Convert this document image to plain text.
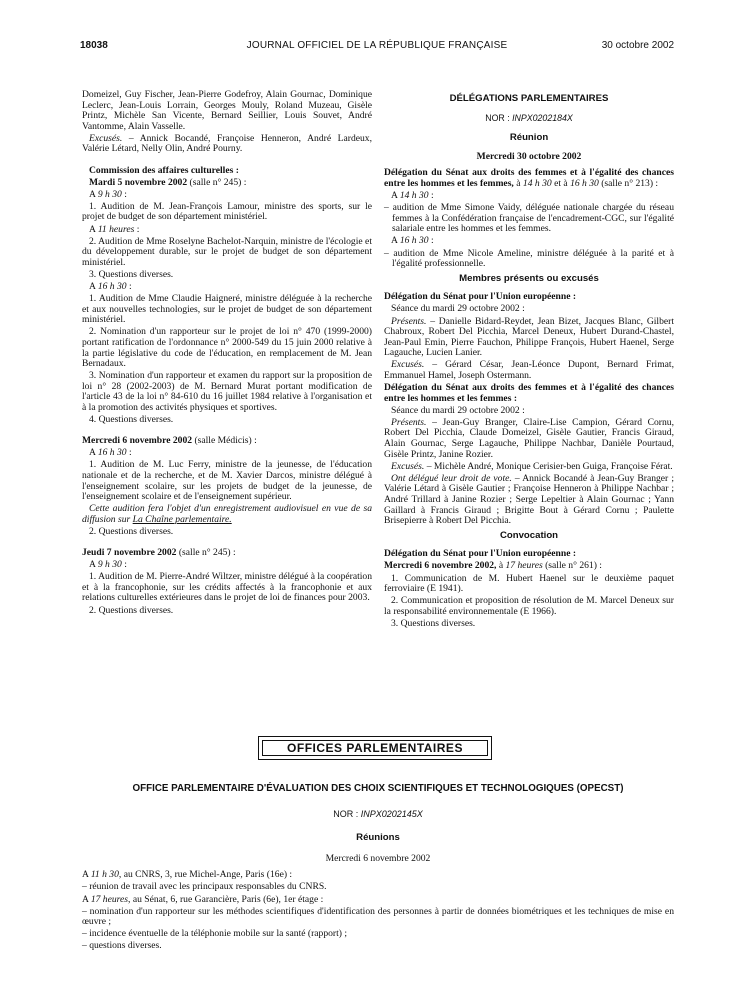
18038	JOURNAL OFFICIEL DE LA RÉPUBLIQUE FRANÇAISE	30 octobre 2002

Domeizel, Guy Fischer, Jean-Pierre Godefroy, Alain Gournac, Dominique Leclerc, Jean-Louis Lorrain, Georges Mouly, Roland Muzeau, Gisèle Printz, Michèle San Vicente, Bernard Seillier, Louis Souvet, André Vantomme, Alain Vasselle.

Excusés. – Annick Bocandé, Françoise Henneron, André Lardeux, Valérie Létard, Nelly Olin, André Pourny.

Commission des affaires culturelles :

Mardi 5 novembre 2002 (salle n° 245) :

A 9 h 30 :

1. Audition de M. Jean-François Lamour, ministre des sports, sur le projet de budget de son département ministériel.

A 11 heures :

2. Audition de Mme Roselyne Bachelot-Narquin, ministre de l'écologie et du développement durable, sur le projet de budget de son département ministériel.

3. Questions diverses.

A 16 h 30 :

1. Audition de Mme Claudie Haigneré, ministre déléguée à la recherche et aux nouvelles technologies, sur le projet de budget de son département ministériel.

2. Nomination d'un rapporteur sur le projet de loi n° 470 (1999-2000) portant ratification de l'ordonnance n° 2000-549 du 15 juin 2000 relative à la partie législative du code de l'éducation, en remplacement de M. Jean Bernadaux.

3. Nomination d'un rapporteur et examen du rapport sur la proposition de loi n° 28 (2002-2003) de M. Bernard Murat portant modification de l'article 43 de la loi n° 84-610 du 16 juillet 1984 relative à l'organisation et à la promotion des activités physiques et sportives.

4. Questions diverses.

Mercredi 6 novembre 2002 (salle Médicis) :

A 16 h 30 :

1. Audition de M. Luc Ferry, ministre de la jeunesse, de l'éducation nationale et de la recherche, et de M. Xavier Darcos, ministre délégué à l'enseignement scolaire, sur les projets de budget de la jeunesse, de l'enseignement scolaire et de l'enseignement supérieur.

Cette audition fera l'objet d'un enregistrement audiovisuel en vue de sa diffusion sur La Chaîne parlementaire.

2. Questions diverses.

Jeudi 7 novembre 2002 (salle n° 245) :

A 9 h 30 :

1. Audition de M. Pierre-André Wiltzer, ministre délégué à la coopération et à la francophonie, sur les crédits affectés à la francophonie et aux relations culturelles extérieures dans le projet de loi de finances pour 2003.

2. Questions diverses.

DÉLÉGATIONS PARLEMENTAIRES

NOR : INPX0202184X

Réunion

Mercredi 30 octobre 2002

Délégation du Sénat aux droits des femmes et à l'égalité des chances entre les hommes et les femmes, à 14 h 30 et à 16 h 30 (salle n° 213) :

A 14 h 30 :

– audition de Mme Simone Vaidy, déléguée nationale chargée du réseau femmes à la Confédération française de l'encadrement-CGC, sur l'égalité salariale entre les hommes et les femmes.

A 16 h 30 :

– audition de Mme Nicole Ameline, ministre déléguée à la parité et à l'égalité professionnelle.

Membres présents ou excusés

Délégation du Sénat pour l'Union européenne :

Séance du mardi 29 octobre 2002 :

Présents. – Danielle Bidard-Reydet, Jean Bizet, Jacques Blanc, Gilbert Chabroux, Robert Del Picchia, Marcel Deneux, Hubert Durand-Chastel, Jean-Paul Emin, Pierre Fauchon, Philippe François, Hubert Haenel, Serge Lagauche, Lucien Lanier.

Excusés. – Gérard César, Jean-Léonce Dupont, Bernard Frimat, Emmanuel Hamel, Joseph Ostermann.

Délégation du Sénat aux droits des femmes et à l'égalité des chances entre les hommes et les femmes :

Séance du mardi 29 octobre 2002 :

Présents. – Jean-Guy Branger, Claire-Lise Campion, Gérard Cornu, Robert Del Picchia, Claude Domeizel, Gisèle Gautier, Francis Giraud, Alain Gournac, Serge Lagauche, Philippe Nachbar, Danièle Pourtaud, Gisèle Printz, Janine Rozier.

Excusés. – Michèle André, Monique Cerisier-ben Guiga, Françoise Férat.

Ont délégué leur droit de vote. – Annick Bocandé à Jean-Guy Branger ; Valérie Létard à Gisèle Gautier ; Françoise Henneron à Philippe Nachbar ; André Trillard à Janine Rozier ; Serge Lepeltier à Alain Gournac ; Yann Gaillard à Francis Giraud ; Brigitte Bout à Gérard Cornu ; Paulette Brisepierre à Robert Del Picchia.

Convocation

Délégation du Sénat pour l'Union européenne :

Mercredi 6 novembre 2002, à 17 heures (salle n° 261) :

1. Communication de M. Hubert Haenel sur le deuxième paquet ferroviaire (E 1941).

2. Communication et proposition de résolution de M. Marcel Deneux sur la responsabilité environnementale (E 1966).

3. Questions diverses.

OFFICES PARLEMENTAIRES

OFFICE PARLEMENTAIRE D'ÉVALUATION DES CHOIX SCIENTIFIQUES ET TECHNOLOGIQUES (OPECST)

NOR : INPX0202145X

Réunions

Mercredi 6 novembre 2002

A 11 h 30, au CNRS, 3, rue Michel-Ange, Paris (16e) :

– réunion de travail avec les principaux responsables du CNRS.

A 17 heures, au Sénat, 6, rue Garancière, Paris (6e), 1er étage :

– nomination d'un rapporteur sur les méthodes scientifiques d'identification des personnes à partir de données biométriques et les techniques de mise en œuvre ;

– incidence éventuelle de la téléphonie mobile sur la santé (rapport) ;

– questions diverses.
